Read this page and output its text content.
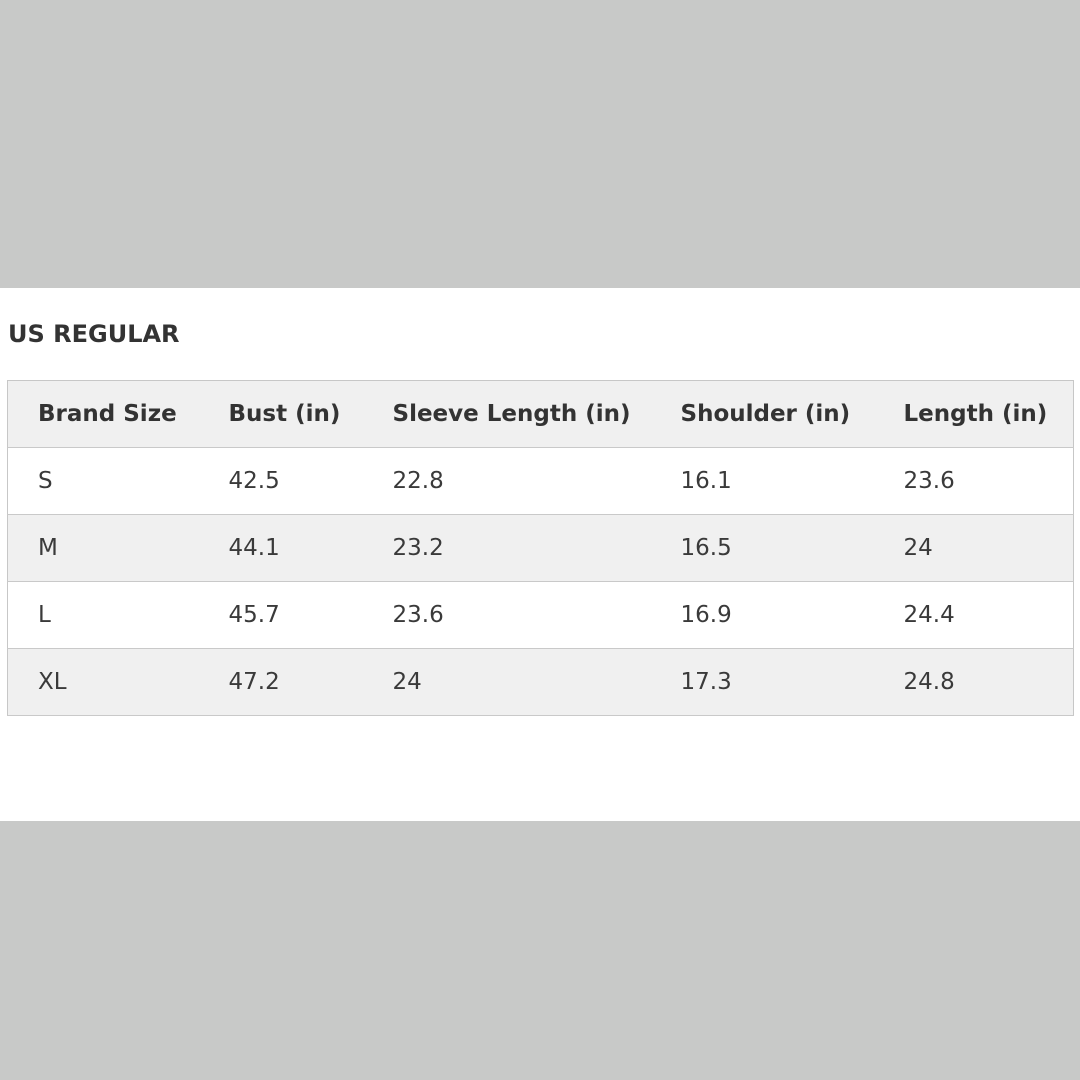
US REGULAR
Brand Size	Bust (in)	Sleeve Length (in)	Shoulder (in)	Length (in)
S	42.5	22.8	16.1	23.6
M	44.1	23.2	16.5	24
L	45.7	23.6	16.9	24.4
XL	47.2	24	17.3	24.8
